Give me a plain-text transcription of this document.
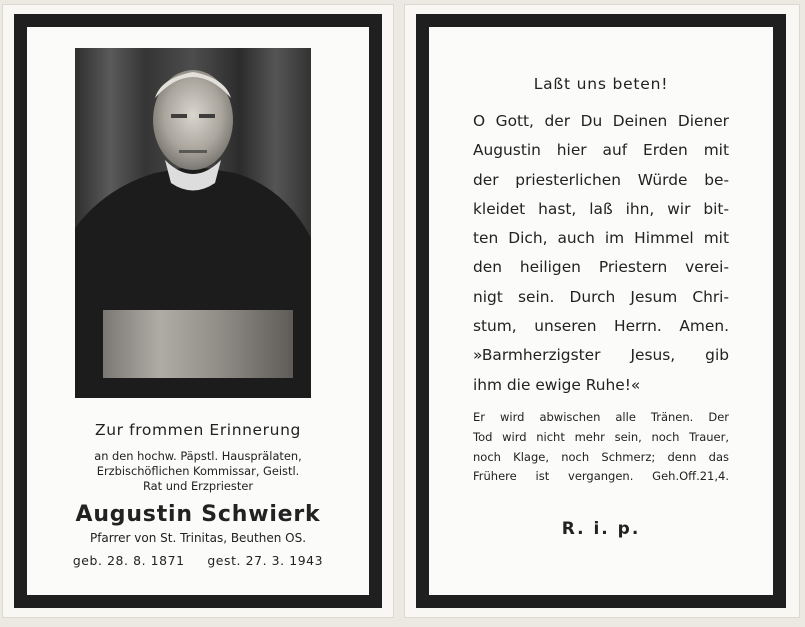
Zur frommen Erinnerung
an den hochw. Päpstl. Hausprälaten,
Erzbischöflichen Kommissar, Geistl.
Rat und Erzpriester
Augustin Schwierk
Pfarrer von St. Trinitas, Beuthen OS.
geb. 28. 8. 1871 gest. 27. 3. 1943
Laßt uns beten!
O Gott, der Du Deinen Diener
Augustin hier auf Erden mit
der priesterlichen Würde be-
kleidet hast, laß ihn, wir bit-
ten Dich, auch im Himmel mit
den heiligen Priestern verei-
nigt sein. Durch Jesum Chri-
stum, unseren Herrn. Amen.
»Barmherzigster Jesus, gib
ihm die ewige Ruhe!«
Er wird abwischen alle Tränen. Der
Tod wird nicht mehr sein, noch Trauer,
noch Klage, noch Schmerz; denn das
Frühere ist vergangen. Geh.Off.21,4.
R. i. p.
